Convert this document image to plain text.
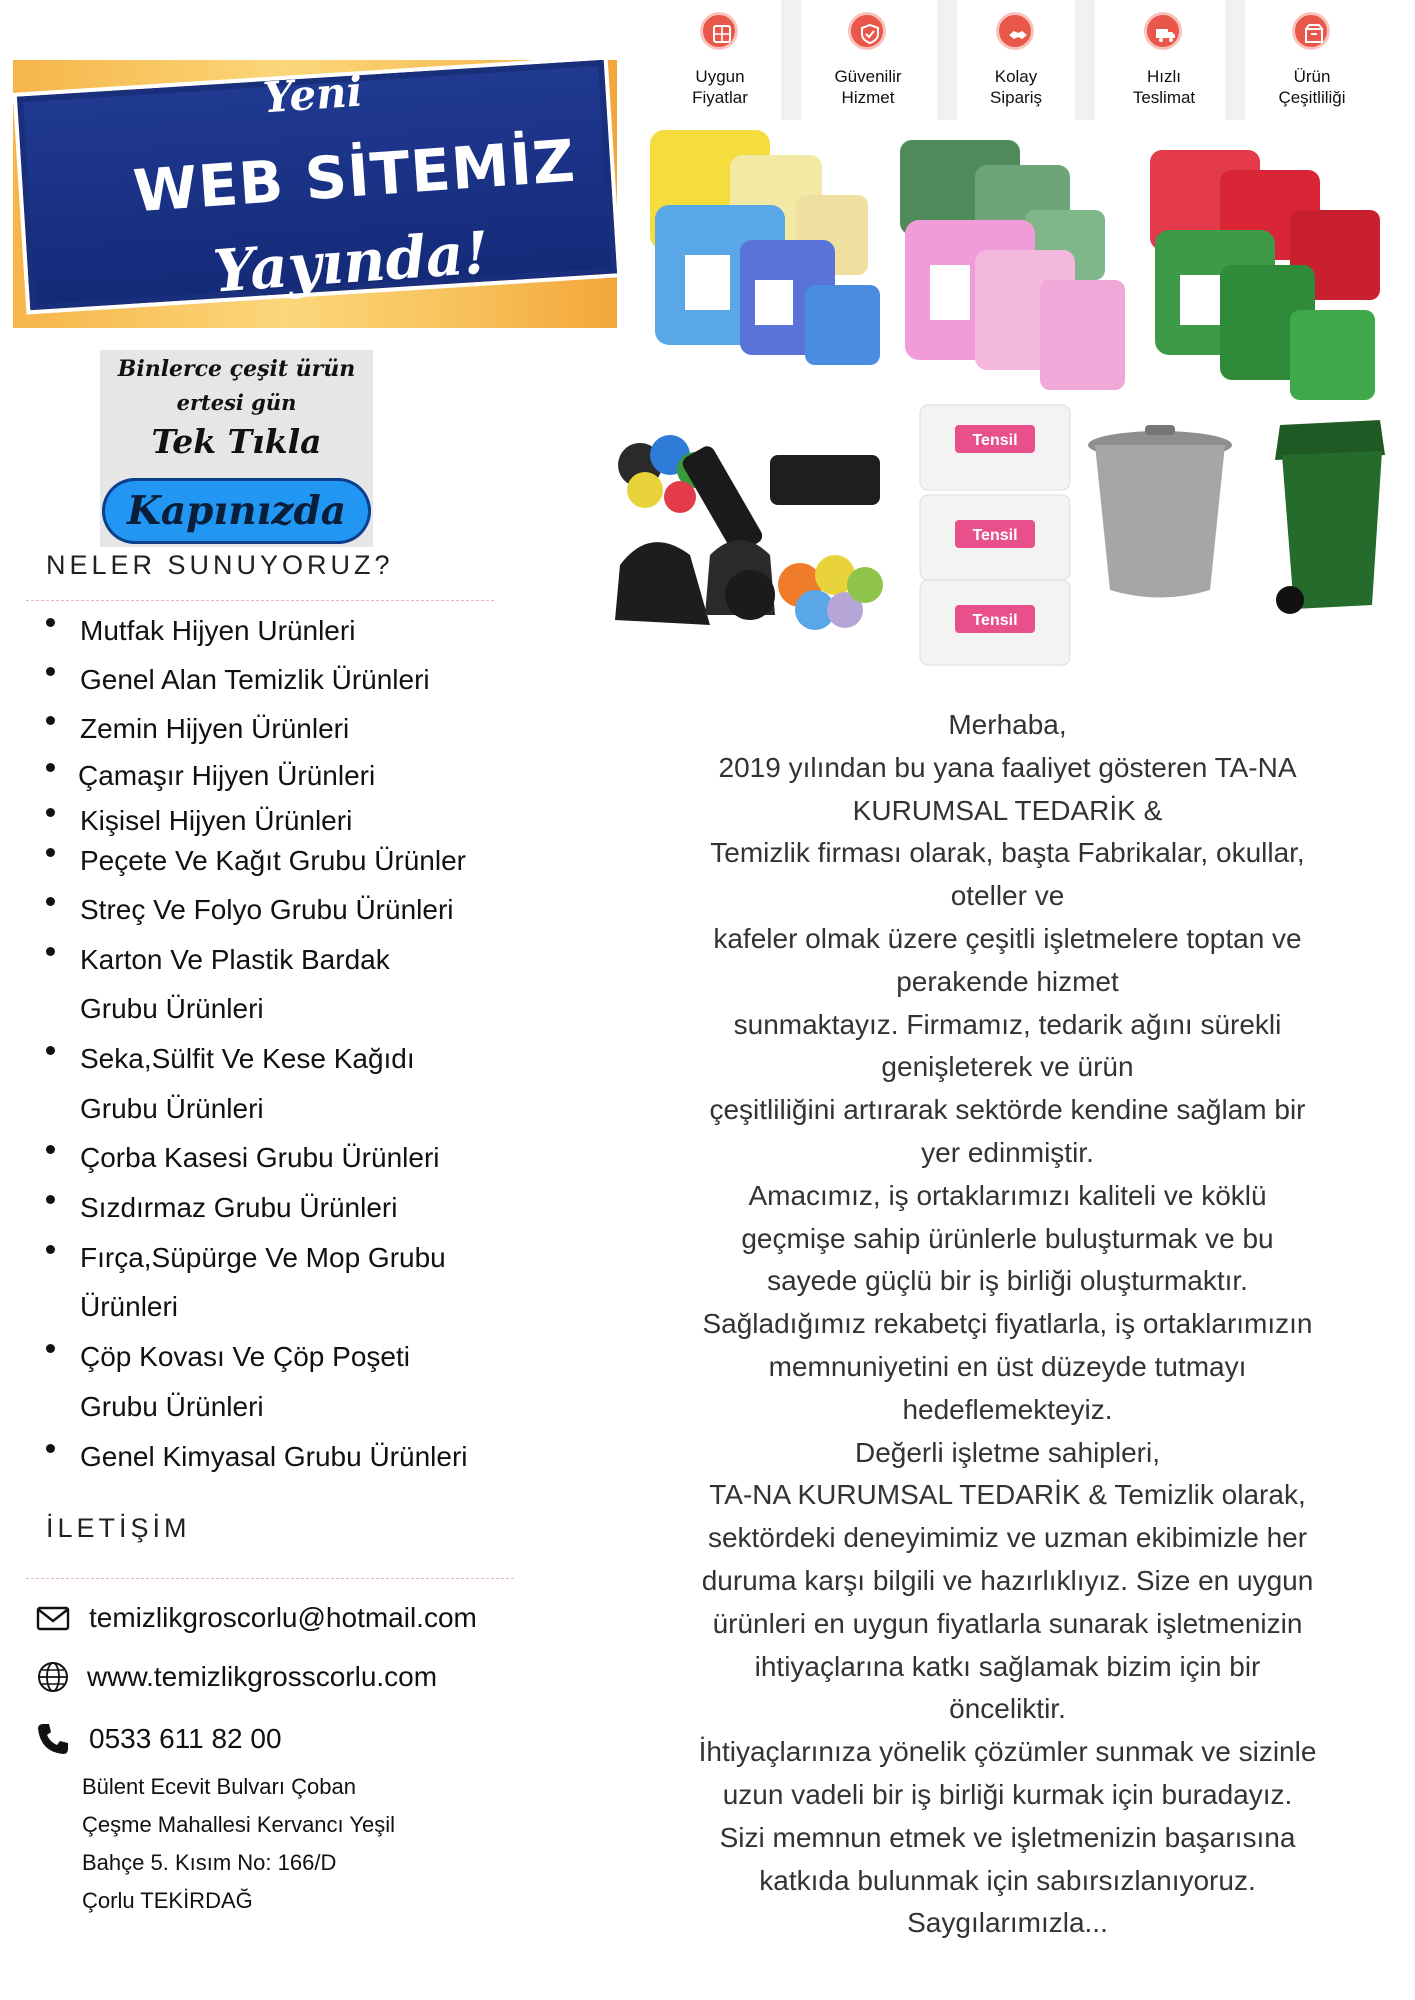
Yeni
WEB SİTEMİZ
Yayında!
Binlerce çeşit ürün
ertesi gün
Tek Tıkla
Kapınızda
NELER SUNUYORUZ?
Mutfak Hijyen Urünleri
Genel Alan Temizlik Ürünleri
Zemin Hijyen Ürünleri
Çamaşır Hijyen Ürünleri
Kişisel Hijyen Ürünleri
Peçete Ve Kağıt Grubu Ürünler
Streç Ve Folyo Grubu Ürünleri
Karton Ve Plastik Bardak
Grubu Ürünleri
Seka,Sülfit Ve Kese Kağıdı
Grubu Ürünleri
Çorba Kasesi Grubu Ürünleri
Sızdırmaz Grubu Ürünleri
Fırça,Süpürge Ve Mop Grubu
Ürünleri
Çöp Kovası Ve Çöp Poşeti
Grubu Ürünleri
Genel Kimyasal Grubu Ürünleri
İLETİŞİM
temizlikgroscorlu@hotmail.com
www.temizlikgrosscorlu.com
0533 611 82 00
Bülent Ecevit Bulvarı Çoban
Çeşme Mahallesi Kervancı Yeşil
Bahçe 5. Kısım No: 166/D
Çorlu TEKİRDAĞ
Uygun
Fiyatlar
Güvenilir
Hizmet
Kolay
Sipariş
Hızlı
Teslimat
Ürün
Çeşitliliği
Tensil
Tensil
Tensil
Merhaba,
2019 yılından bu yana faaliyet gösteren TA-NA
KURUMSAL TEDARİK &
Temizlik firması olarak, başta Fabrikalar, okullar,
oteller ve
kafeler olmak üzere çeşitli işletmelere toptan ve
perakende hizmet
sunmaktayız. Firmamız, tedarik ağını sürekli
genişleterek ve ürün
çeşitliliğini artırarak sektörde kendine sağlam bir
yer edinmiştir.
Amacımız, iş ortaklarımızı kaliteli ve köklü
geçmişe sahip ürünlerle buluşturmak ve bu
sayede güçlü bir iş birliği oluşturmaktır.
Sağladığımız rekabetçi fiyatlarla, iş ortaklarımızın
memnuniyetini en üst düzeyde tutmayı
hedeflemekteyiz.
Değerli işletme sahipleri,
TA-NA KURUMSAL TEDARİK & Temizlik olarak,
sektördeki deneyimimiz ve uzman ekibimizle her
duruma karşı bilgili ve hazırlıklıyız. Size en uygun
ürünleri en uygun fiyatlarla sunarak işletmenizin
ihtiyaçlarına katkı sağlamak bizim için bir
önceliktir.
İhtiyaçlarınıza yönelik çözümler sunmak ve sizinle
uzun vadeli bir iş birliği kurmak için buradayız.
Sizi memnun etmek ve işletmenizin başarısına
katkıda bulunmak için sabırsızlanıyoruz.
Saygılarımızla...
